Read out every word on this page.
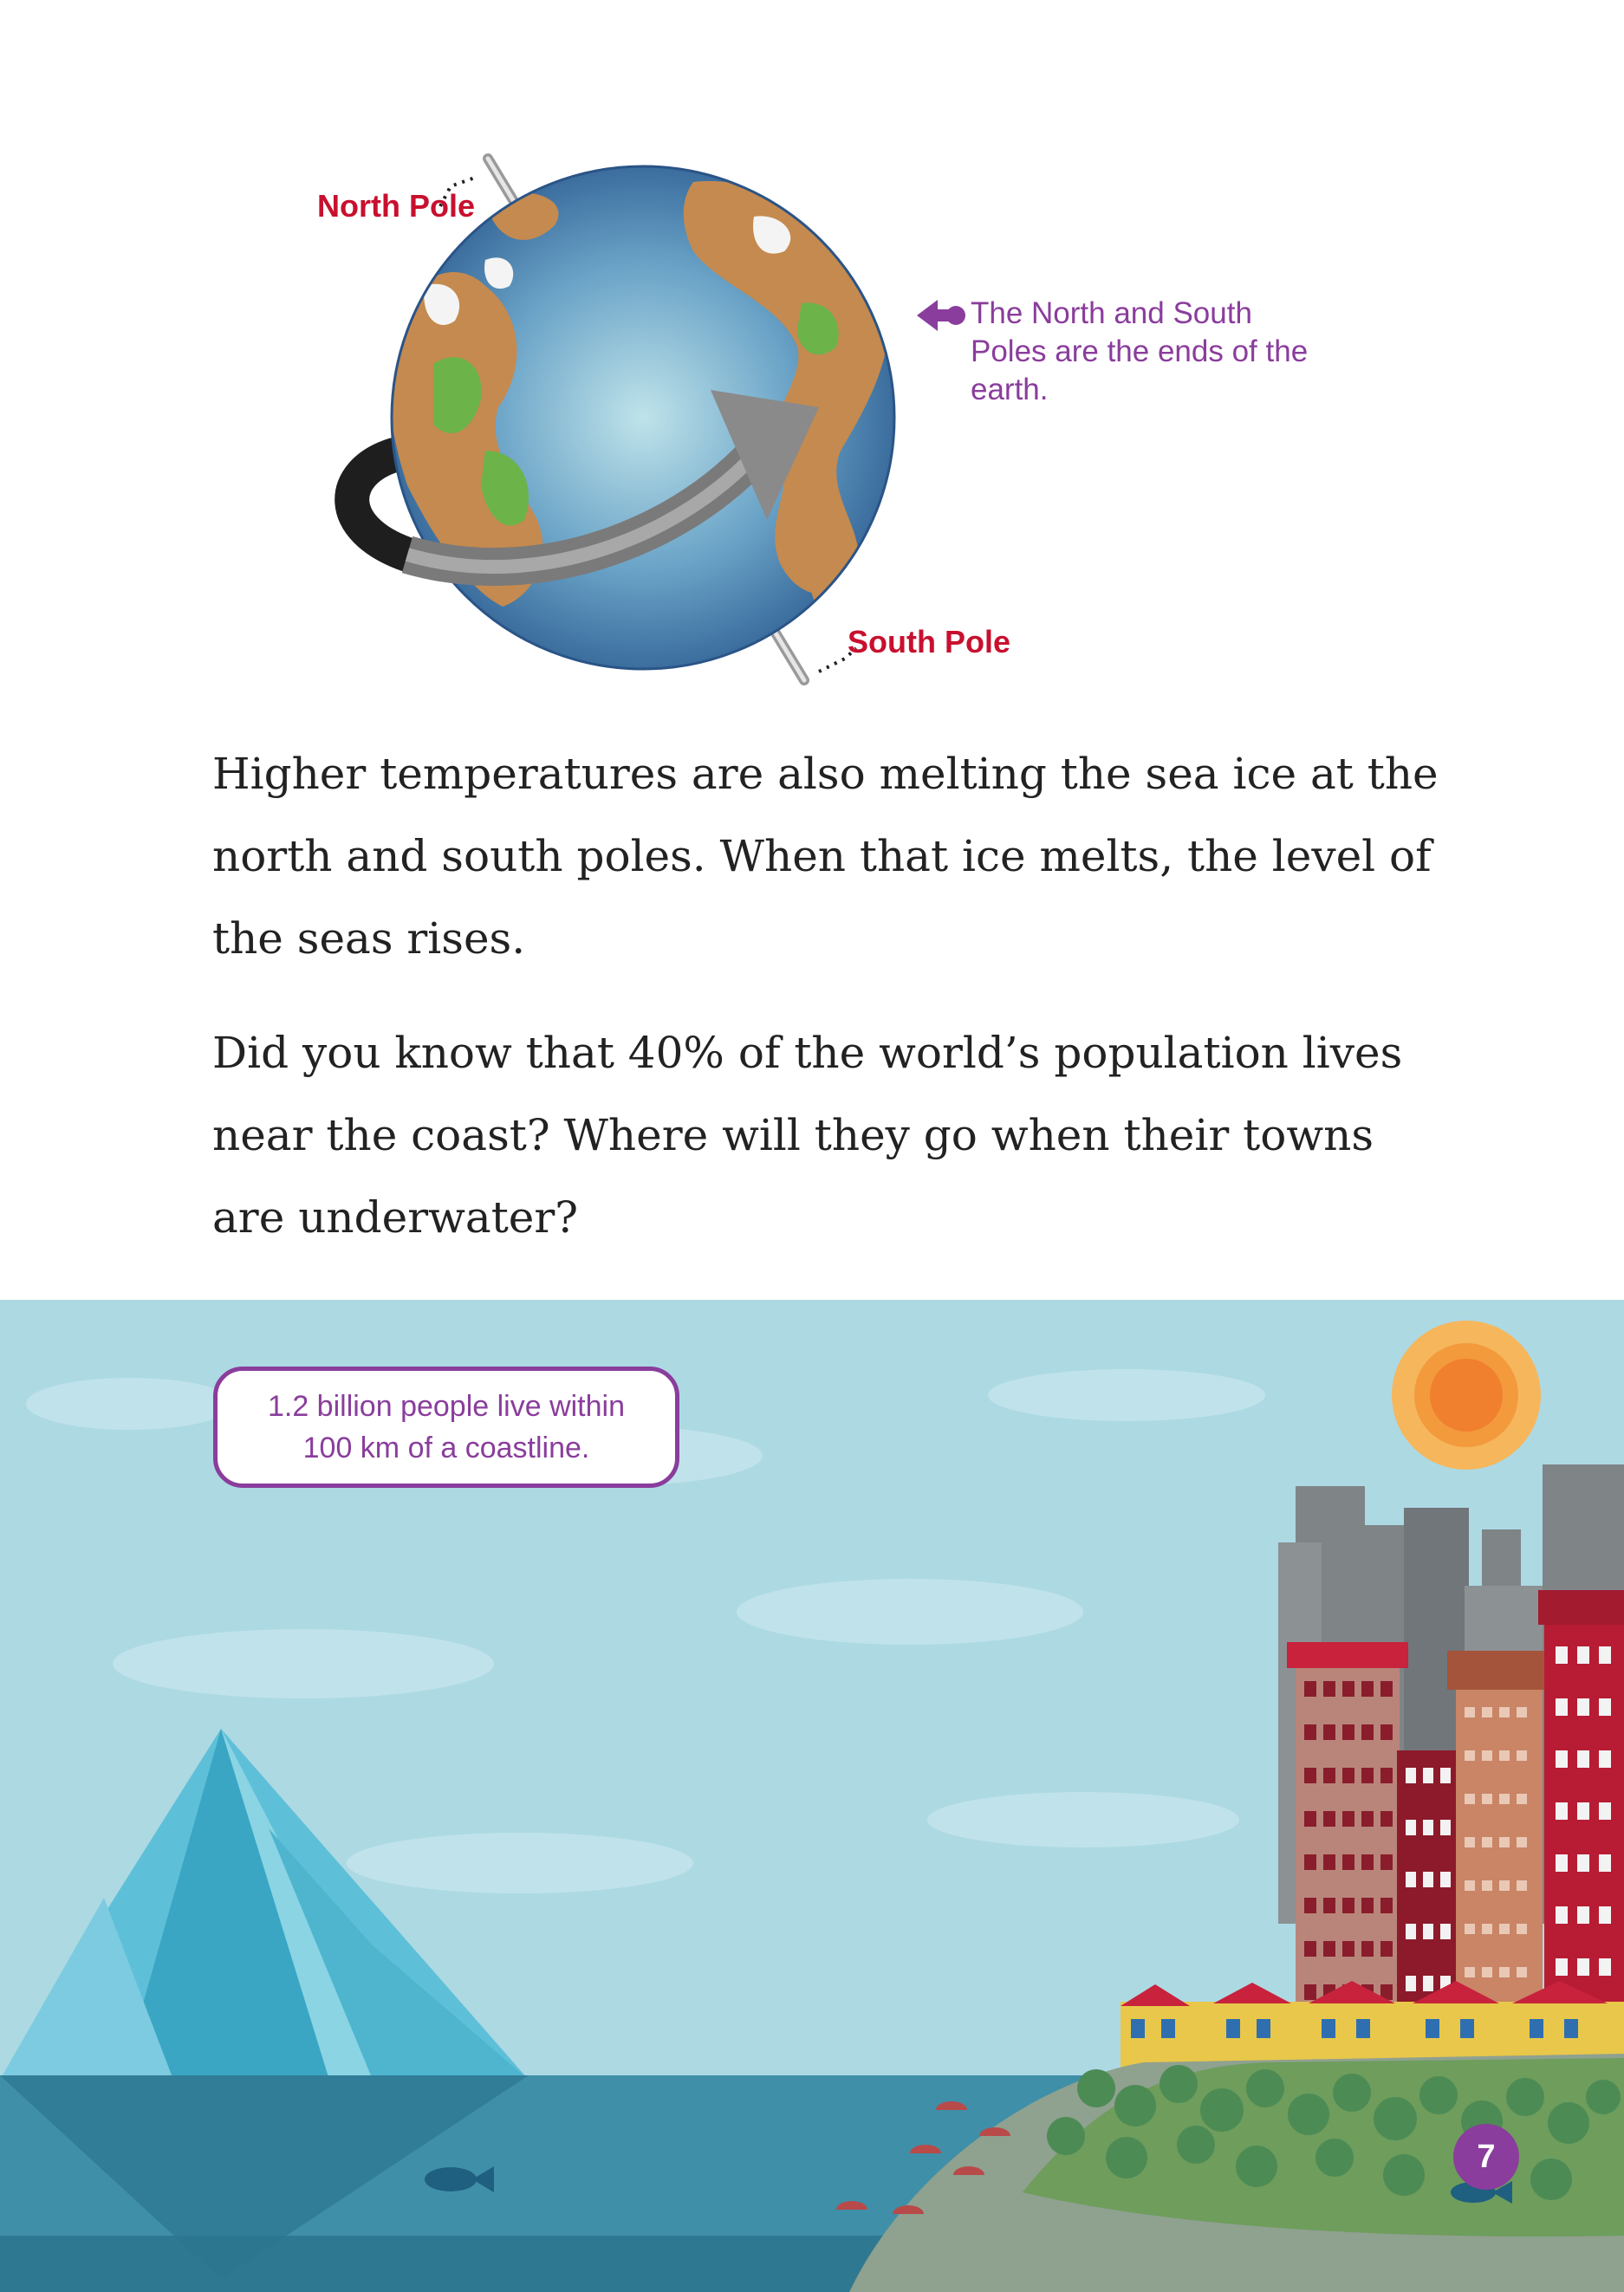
North Pole
South Pole
The North and South Poles are the ends of the earth.

Higher temperatures are also melting the sea ice at the north and south poles. When that ice melts, the level of the seas rises.

Did you know that 40% of the world’s population lives near the coast? Where will they go when their towns are underwater?

1.2 billion people live within
100 km of a coastline.
7
